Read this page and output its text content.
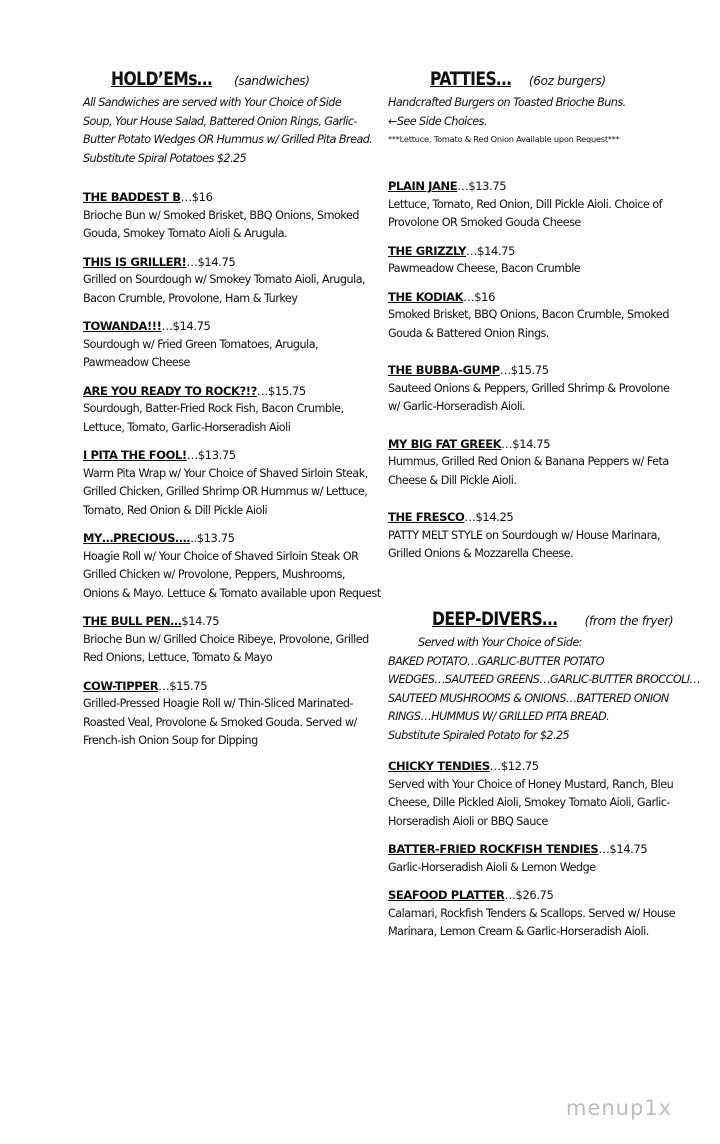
HOLD’EMs… (sandwiches)

All Sandwiches are served with Your Choice of Side
Soup, Your House Salad, Battered Onion Rings, Garlic-
Butter Potato Wedges OR Hummus w/ Grilled Pita Bread.
Substitute Spiral Potatoes $2.25

THE BADDEST B…$16

Brioche Bun w/ Smoked Brisket, BBQ Onions, Smoked
Gouda, Smokey Tomato Aioli & Arugula.

THIS IS GRILLER!…$14.75

Grilled on Sourdough w/ Smokey Tomato Aioli, Arugula,
Bacon Crumble, Provolone, Ham & Turkey

TOWANDA!!!…$14.75

Sourdough w/ Fried Green Tomatoes, Arugula,
Pawmeadow Cheese

ARE YOU READY TO ROCK?!?…$15.75

Sourdough, Batter-Fried Rock Fish, Bacon Crumble,
Lettuce, Tomato, Garlic-Horseradish Aioli

I PITA THE FOOL!…$13.75

Warm Pita Wrap w/ Your Choice of Shaved Sirloin Steak,
Grilled Chicken, Grilled Shrimp OR Hummus w/ Lettuce,
Tomato, Red Onion & Dill Pickle Aioli

MY…PRECIOUS…...$13.75

Hoagie Roll w/ Your Choice of Shaved Sirloin Steak OR
Grilled Chicken w/ Provolone, Peppers, Mushrooms,
Onions & Mayo. Lettuce & Tomato available upon Request

THE BULL PEN…$14.75

Brioche Bun w/ Grilled Choice Ribeye, Provolone, Grilled
Red Onions, Lettuce, Tomato & Mayo

COW-TIPPER…$15.75

Grilled-Pressed Hoagie Roll w/ Thin-Sliced Marinated-
Roasted Veal, Provolone & Smoked Gouda. Served w/
French-ish Onion Soup for Dipping

PATTIES… (6oz burgers)

Handcrafted Burgers on Toasted Brioche Buns.
←See Side Choices.
***Lettuce, Tomato & Red Onion Available upon Request***

PLAIN JANE…$13.75

Lettuce, Tomato, Red Onion, Dill Pickle Aioli. Choice of
Provolone OR Smoked Gouda Cheese

THE GRIZZLY…$14.75

Pawmeadow Cheese, Bacon Crumble

THE KODIAK…$16

Smoked Brisket, BBQ Onions, Bacon Crumble, Smoked
Gouda & Battered Onion Rings.

THE BUBBA-GUMP…$15.75

Sauteed Onions & Peppers, Grilled Shrimp & Provolone
w/ Garlic-Horseradish Aioli.

MY BIG FAT GREEK…$14.75

Hummus, Grilled Red Onion & Banana Peppers w/ Feta
Cheese & Dill Pickle Aioli.

THE FRESCO…$14.25

PATTY MELT STYLE on Sourdough w/ House Marinara,
Grilled Onions & Mozzarella Cheese.

DEEP-DIVERS… (from the fryer)

Served with Your Choice of Side:
BAKED POTATO…GARLIC-BUTTER POTATO
WEDGES…SAUTEED GREENS…GARLIC-BUTTER BROCCOLI…
SAUTEED MUSHROOMS & ONIONS…BATTERED ONION
RINGS…HUMMUS W/ GRILLED PITA BREAD.
Substitute Spiraled Potato for $2.25

CHICKY TENDIES…$12.75

Served with Your Choice of Honey Mustard, Ranch, Bleu
Cheese, Dille Pickled Aioli, Smokey Tomato Aioli, Garlic-
Horseradish Aioli or BBQ Sauce

BATTER-FRIED ROCKFISH TENDIES…$14.75

Garlic-Horseradish Aioli & Lemon Wedge

SEAFOOD PLATTER…$26.75

Calamari, Rockfish Tenders & Scallops. Served w/ House
Marinara, Lemon Cream & Garlic-Horseradish Aioli.

menup1x
